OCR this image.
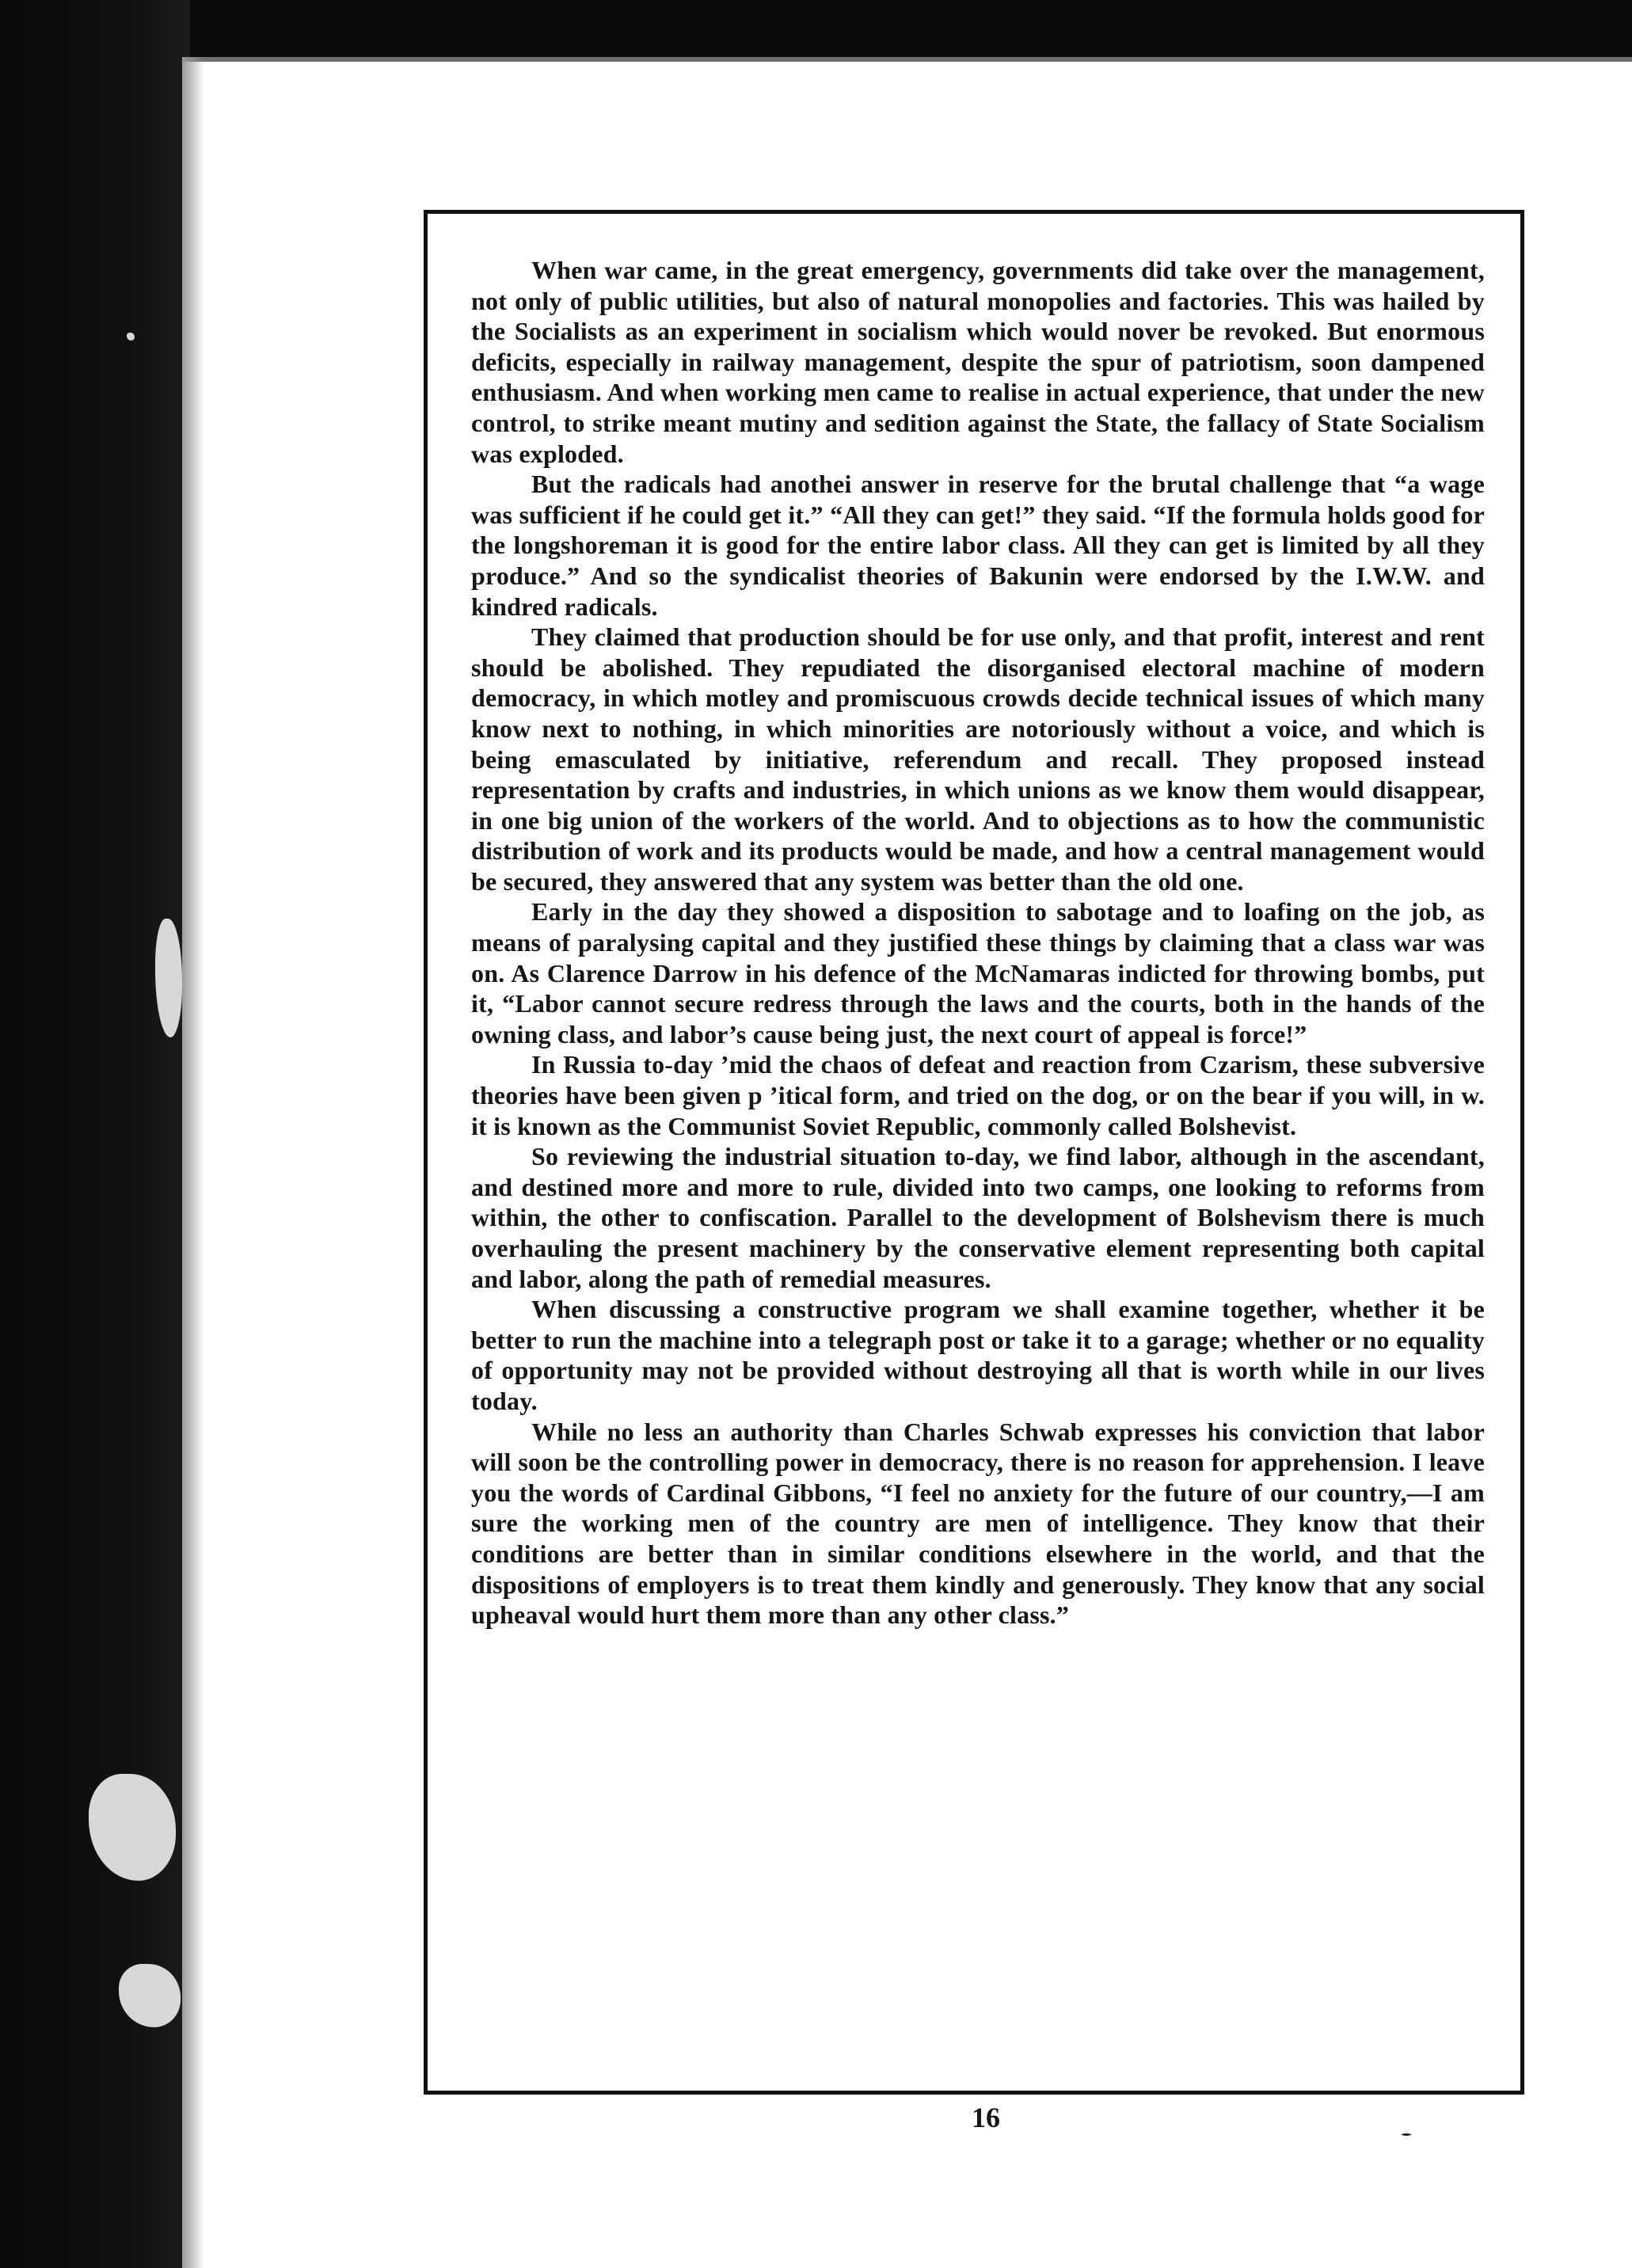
When war came, in the great emergency, governments did take over the management, not only of public utilities, but also of natural monopolies and factories. This was hailed by the Socialists as an experiment in socialism which would nover be revoked. But enormous deficits, especially in railway management, despite the spur of patriotism, soon dampened enthusiasm. And when working men came to realise in actual experience, that under the new control, to strike meant mutiny and sedition against the State, the fallacy of State Socialism was exploded.

But the radicals had anothei answer in reserve for the brutal challenge that “a wage was sufficient if he could get it.” “All they can get!” they said. “If the formula holds good for the longshoreman it is good for the entire labor class. All they can get is limited by all they produce.” And so the syndicalist theories of Bakunin were endorsed by the I.W.W. and kindred radicals.

They claimed that production should be for use only, and that profit, interest and rent should be abolished. They repudiated the disorganised electoral machine of modern democracy, in which motley and promiscuous crowds decide technical issues of which many know next to nothing, in which minorities are notoriously without a voice, and which is being emasculated by initiative, referendum and recall. They proposed instead representation by crafts and industries, in which unions as we know them would disappear, in one big union of the workers of the world. And to objections as to how the communistic distribution of work and its products would be made, and how a central management would be secured, they answered that any system was better than the old one.

Early in the day they showed a disposition to sabotage and to loafing on the job, as means of paralysing capital and they justified these things by claiming that a class war was on. As Clarence Darrow in his defence of the McNamaras indicted for throwing bombs, put it, “Labor cannot secure redress through the laws and the courts, both in the hands of the owning class, and labor’s cause being just, the next court of appeal is force!”

In Russia to-day ’mid the chaos of defeat and reaction from Czarism, these subversive theories have been given p ’itical form, and tried on the dog, or on the bear if you will, in w. it is known as the Communist Soviet Republic, commonly called Bolshevist.

So reviewing the industrial situation to-day, we find labor, although in the ascendant, and destined more and more to rule, divided into two camps, one looking to reforms from within, the other to confiscation. Parallel to the development of Bolshevism there is much overhauling the present machinery by the conservative element representing both capital and labor, along the path of remedial measures.

When discussing a constructive program we shall examine together, whether it be better to run the machine into a telegraph post or take it to a garage; whether or no equality of opportunity may not be provided without destroying all that is worth while in our lives today.

While no less an authority than Charles Schwab expresses his conviction that labor will soon be the controlling power in democracy, there is no reason for apprehension. I leave you the words of Cardinal Gibbons, “I feel no anxiety for the future of our country,—I am sure the working men of the country are men of intelligence. They know that their conditions are better than in similar conditions elsewhere in the world, and that the dispositions of employers is to treat them kindly and generously. They know that any social upheaval would hurt them more than any other class.”

16
